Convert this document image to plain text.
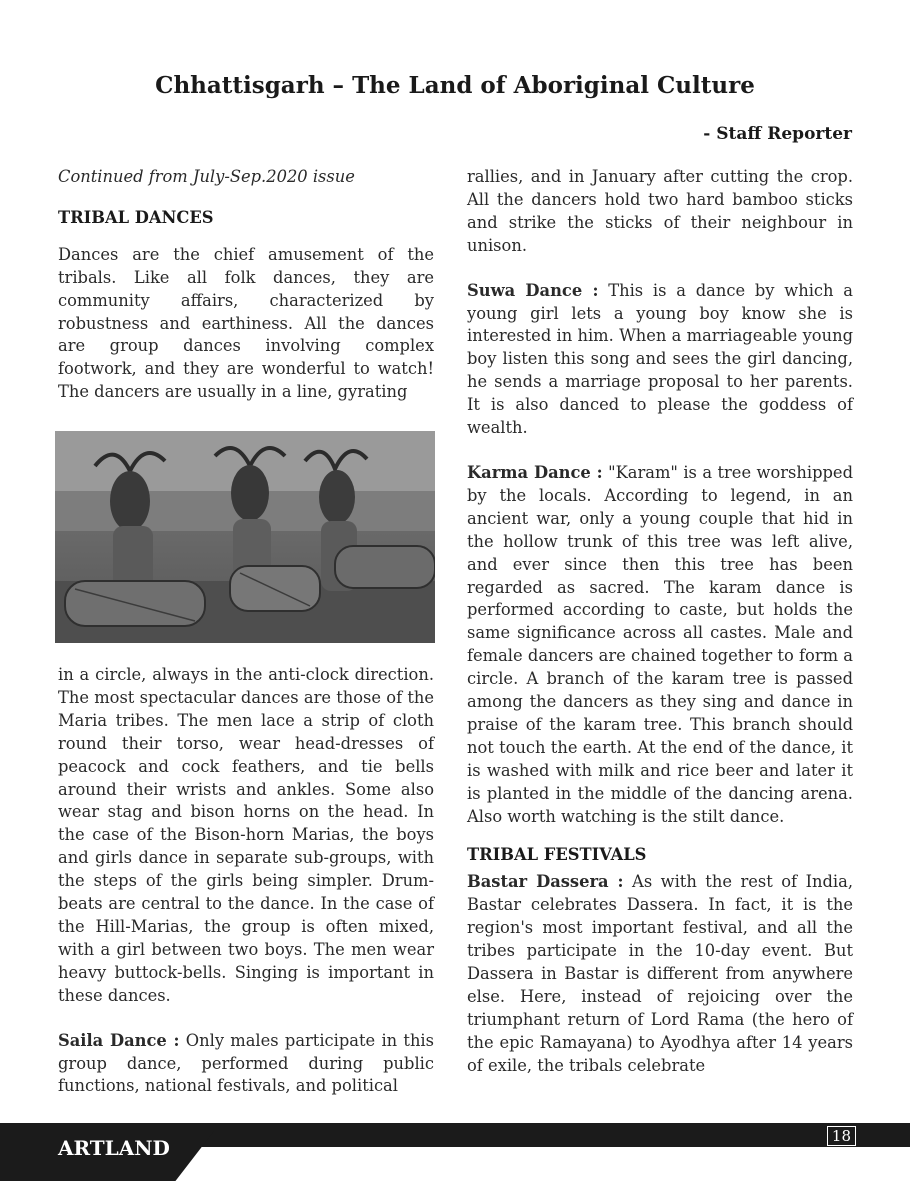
Chhattisgarh – The Land of Aboriginal Culture
- Staff Reporter

Continued from July-Sep.2020 issue

TRIBAL DANCES

Dances are the chief amusement of the tribals. Like all folk dances, they are community affairs, characterized by robustness and earthiness. All the dances are group dances involving complex footwork, and they are wonderful to watch! The dancers are usually in a line, gyrating

in a circle, always in the anti-clock direction. The most spectacular dances are those of the Maria tribes. The men lace a strip of cloth round their torso, wear head-dresses of peacock and cock feathers, and tie bells around their wrists and ankles. Some also wear stag and bison horns on the head. In the case of the Bison-horn Marias, the boys and girls dance in separate sub-groups, with the steps of the girls being simpler. Drum-beats are central to the dance. In the case of the Hill-Marias, the group is often mixed, with a girl between two boys. The men wear heavy buttock-bells. Singing is important in these dances.

Saila Dance : Only males participate in this group dance, performed during public functions, national festivals, and political

rallies, and in January after cutting the crop. All the dancers hold two hard bamboo sticks and strike the sticks of their neighbour in unison.

Suwa Dance : This is a dance by which a young girl lets a young boy know she is interested in him. When a marriageable young boy listen this song and sees the girl dancing, he sends a marriage proposal to her parents. It is also danced to please the goddess of wealth.

Karma Dance : "Karam" is a tree worshipped by the locals. According to legend, in an ancient war, only a young couple that hid in the hollow trunk of this tree was left alive, and ever since then this tree has been regarded as sacred. The karam dance is performed according to caste, but holds the same significance across all castes. Male and female dancers are chained together to form a circle. A branch of the karam tree is passed among the dancers as they sing and dance in praise of the karam tree. This branch should not touch the earth. At the end of the dance, it is washed with milk and rice beer and later it is planted in the middle of the dancing arena. Also worth watching is the stilt dance.

TRIBAL FESTIVALS

Bastar Dassera : As with the rest of India, Bastar celebrates Dassera. In fact, it is the region's most important festival, and all the tribes participate in the 10-day event. But Dassera in Bastar is different from anywhere else. Here, instead of rejoicing over the triumphant return of Lord Rama (the hero of the epic Ramayana) to Ayodhya after 14 years of exile, the tribals celebrate

ARTLAND	18
